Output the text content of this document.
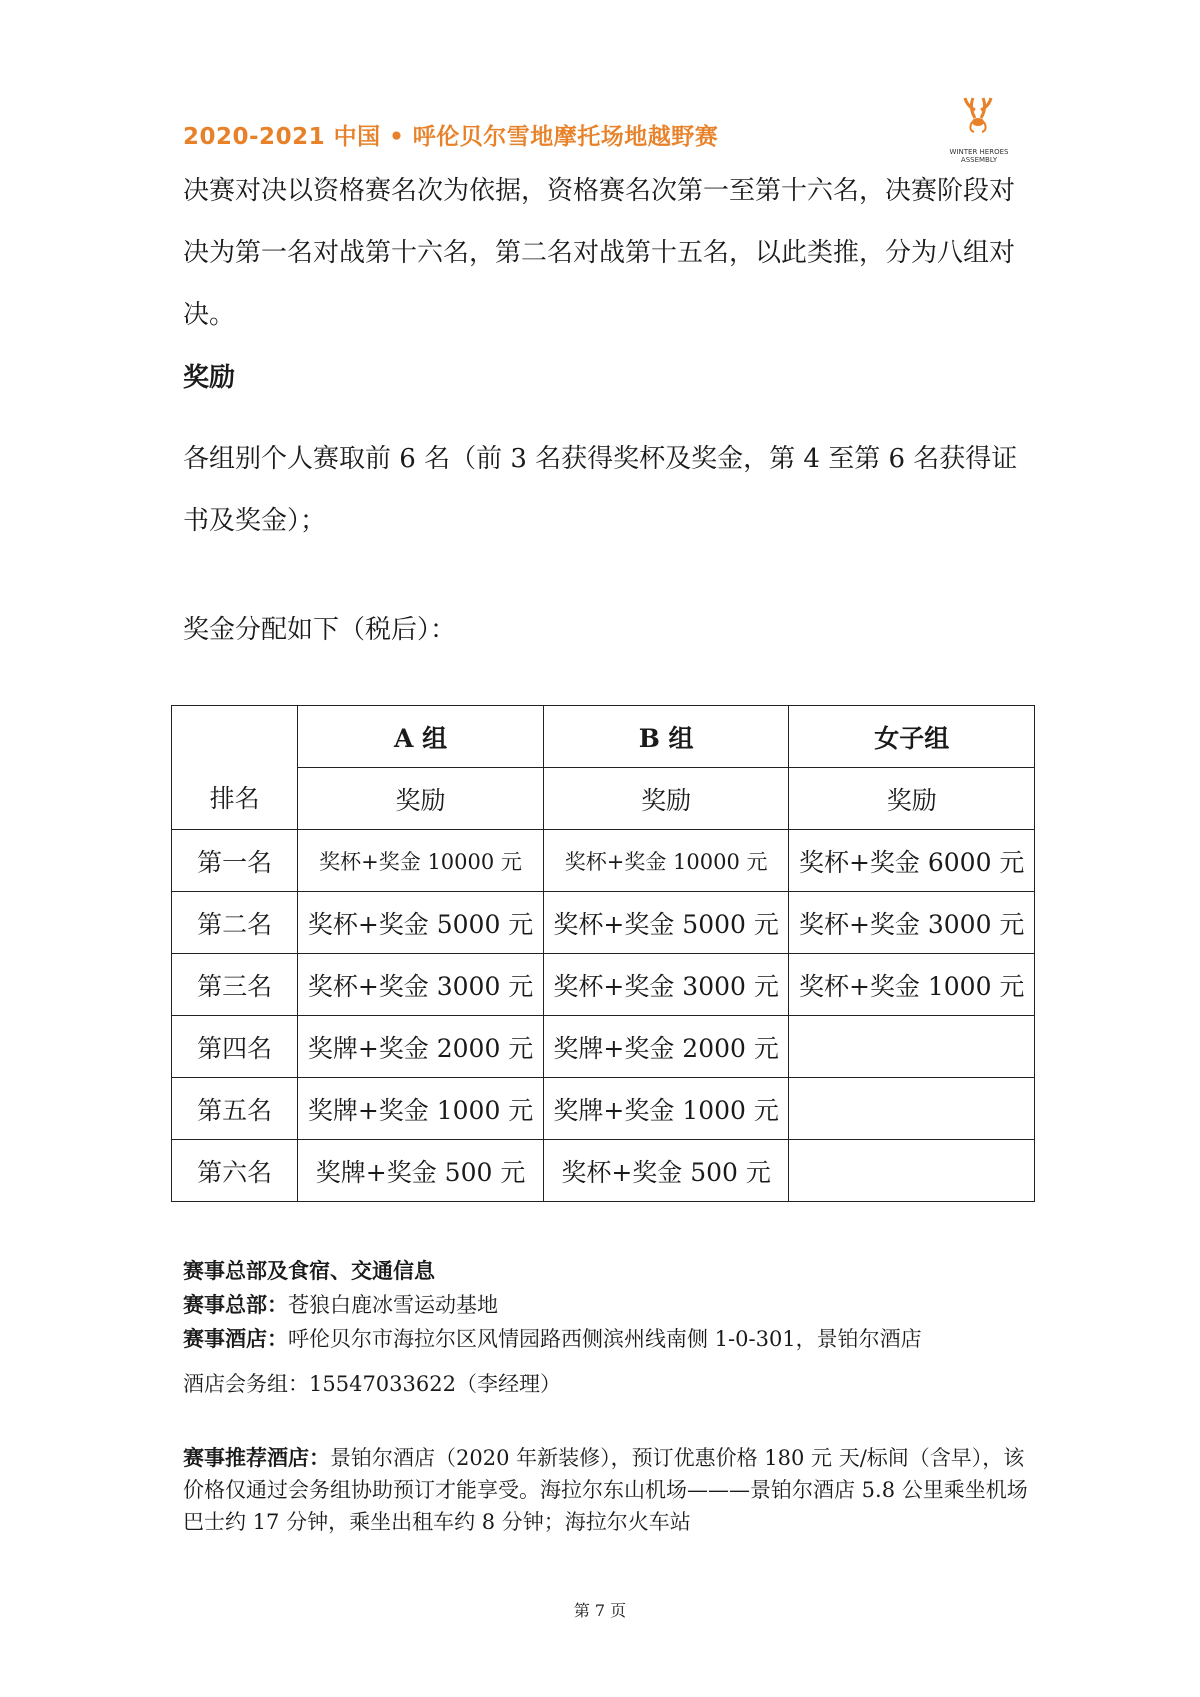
2020-2021 中国 • 呼伦贝尔雪地摩托场地越野赛
WINTER HEROES ASSEMBLY
决赛对决以资格赛名次为依据，资格赛名次第一至第十六名，决赛阶段对决为第一名对战第十六名，第二名对战第十五名，以此类推，分为八组对决。
奖励
各组别个人赛取前 6 名（前 3 名获得奖杯及奖金，第 4 至第 6 名获得证书及奖金）；
奖金分配如下（税后）：
排名	A 组	B 组	女子组
	奖励	奖励	奖励
第一名	奖杯+奖金 10000 元	奖杯+奖金 10000 元	奖杯+奖金 6000 元
第二名	奖杯+奖金 5000 元	奖杯+奖金 5000 元	奖杯+奖金 3000 元
第三名	奖杯+奖金 3000 元	奖杯+奖金 3000 元	奖杯+奖金 1000 元
第四名	奖牌+奖金 2000 元	奖牌+奖金 2000 元	
第五名	奖牌+奖金 1000 元	奖牌+奖金 1000 元	
第六名	奖牌+奖金 500 元	奖杯+奖金 500 元	
赛事总部及食宿、交通信息
赛事总部：苍狼白鹿冰雪运动基地
赛事酒店：呼伦贝尔市海拉尔区风情园路西侧滨州线南侧 1-0-301，景铂尔酒店
酒店会务组：15547033622（李经理）
赛事推荐酒店：景铂尔酒店（2020 年新装修），预订优惠价格 180 元 天/标间（含早），该价格仅通过会务组协助预订才能享受。海拉尔东山机场———景铂尔酒店 5.8 公里乘坐机场巴士约 17 分钟，乘坐出租车约 8 分钟；海拉尔火车站
第 7 页
